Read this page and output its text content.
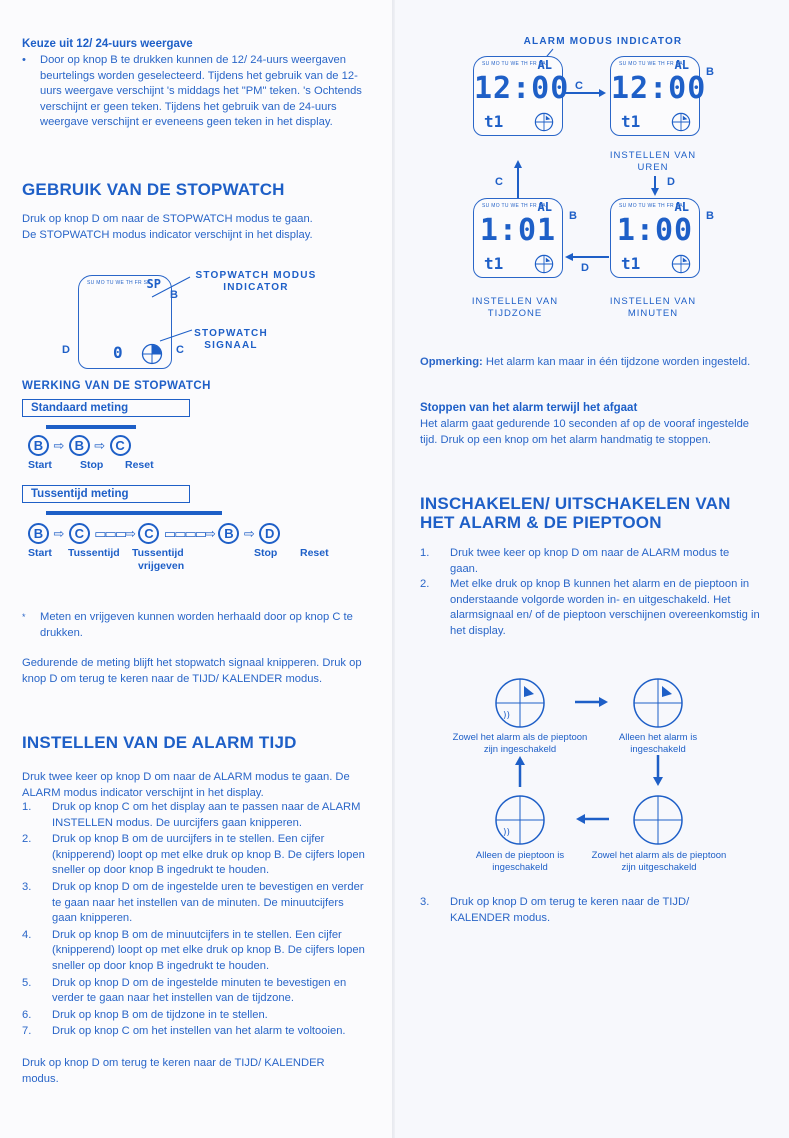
Keuze uit 12/ 24-uurs weergave
•	Door op knop B te drukken kunnen de 12/ 24-uurs weergaven beurtelings worden geselecteerd. Tijdens het gebruik van de 12-uurs weergave verschijnt 's middags het "PM" teken. 's Ochtends verschijnt er geen teken. Tijdens het gebruik van de 24-uurs weergave verschijnt er eveneens geen teken in het display.
GEBRUIK VAN DE STOPWATCH
Druk op knop D om naar de STOPWATCH modus te gaan.
De STOPWATCH modus indicator verschijnt in het display.
SU MO TU WE TH FR SA
SP
0
B
C
D
STOPWATCH MODUS INDICATOR
STOPWATCH SIGNAAL
WERKING VAN DE STOPWATCH
Standaard meting
B ⇨ B ⇨ C
Start	Stop Reset
Tussentijd meting
B ⇨ C ▭▭▭⇨ C ▭▭▭▭⇨ B ⇨ D
Start Tussentijd Tussentijd
vrijgeven
Stop Reset
*	Meten en vrijgeven kunnen worden herhaald door op knop C te drukken.
Gedurende de meting blijft het stopwatch signaal knipperen. Druk op knop D om terug te keren naar de TIJD/ KALENDER modus.
INSTELLEN VAN DE ALARM TIJD
Druk twee keer op knop D om naar de ALARM modus te gaan. De ALARM modus indicator verschijnt in het display.
1. Druk op knop C om het display aan te passen naar de ALARM INSTELLEN modus. De uurcijfers gaan knipperen.
2. Druk op knop B om de uurcijfers in te stellen. Een cijfer (knipperend) loopt op met elke druk op knop B. De cijfers lopen sneller op door knop B ingedrukt te houden.
3. Druk op knop D om de ingestelde uren te bevestigen en verder te gaan naar het instellen van de minuten. De minuutcijfers gaan knipperen.
4. Druk op knop B om de minuutcijfers in te stellen. Een cijfer (knipperend) loopt op met elke druk op knop B. De cijfers lopen sneller op door knop B ingedrukt te houden.
5. Druk op knop D om de ingestelde minuten te bevestigen en verder te gaan naar het instellen van de tijdzone.
6. Druk op knop B om de tijdzone in te stellen.
7. Druk op knop C om het instellen van het alarm te voltooien.
Druk op knop D om terug te keren naar de TIJD/ KALENDER modus.
ALARM MODUS INDICATOR
SU MO TU WE TH FR SA
AL
12:00
t1
SU MO TU WE TH FR SA
AL
12:00
t1
SU MO TU WE TH FR SA
AL
1:01
t1
SU MO TU WE TH FR SA
AL
1:00
t1
B
B	B
C
C	D
D
INSTELLEN VAN UREN
INSTELLEN VAN TIJDZONE
INSTELLEN VAN MINUTEN
Opmerking: Het alarm kan maar in één tijdzone worden ingesteld.
Stoppen van het alarm terwijl het afgaat
Het alarm gaat gedurende 10 seconden af op de vooraf ingestelde tijd. Druk op een knop om het alarm handmatig te stoppen.
INSCHAKELEN/ UITSCHAKELEN VAN HET ALARM & DE PIEPTOON
1. Druk twee keer op knop D om naar de ALARM modus te gaan.
2. Met elke druk op knop B kunnen het alarm en de pieptoon in onderstaande volgorde worden in- en uitgeschakeld. Het alarmsignaal en/ of de pieptoon verschijnen overeenkomstig in het display.
))
))
Zowel het alarm als de pieptoon zijn ingeschakeld
Alleen het alarm is ingeschakeld
Alleen de pieptoon is ingeschakeld
Zowel het alarm als de pieptoon zijn uitgeschakeld
3. Druk op knop D om terug te keren naar de TIJD/ KALENDER modus.
